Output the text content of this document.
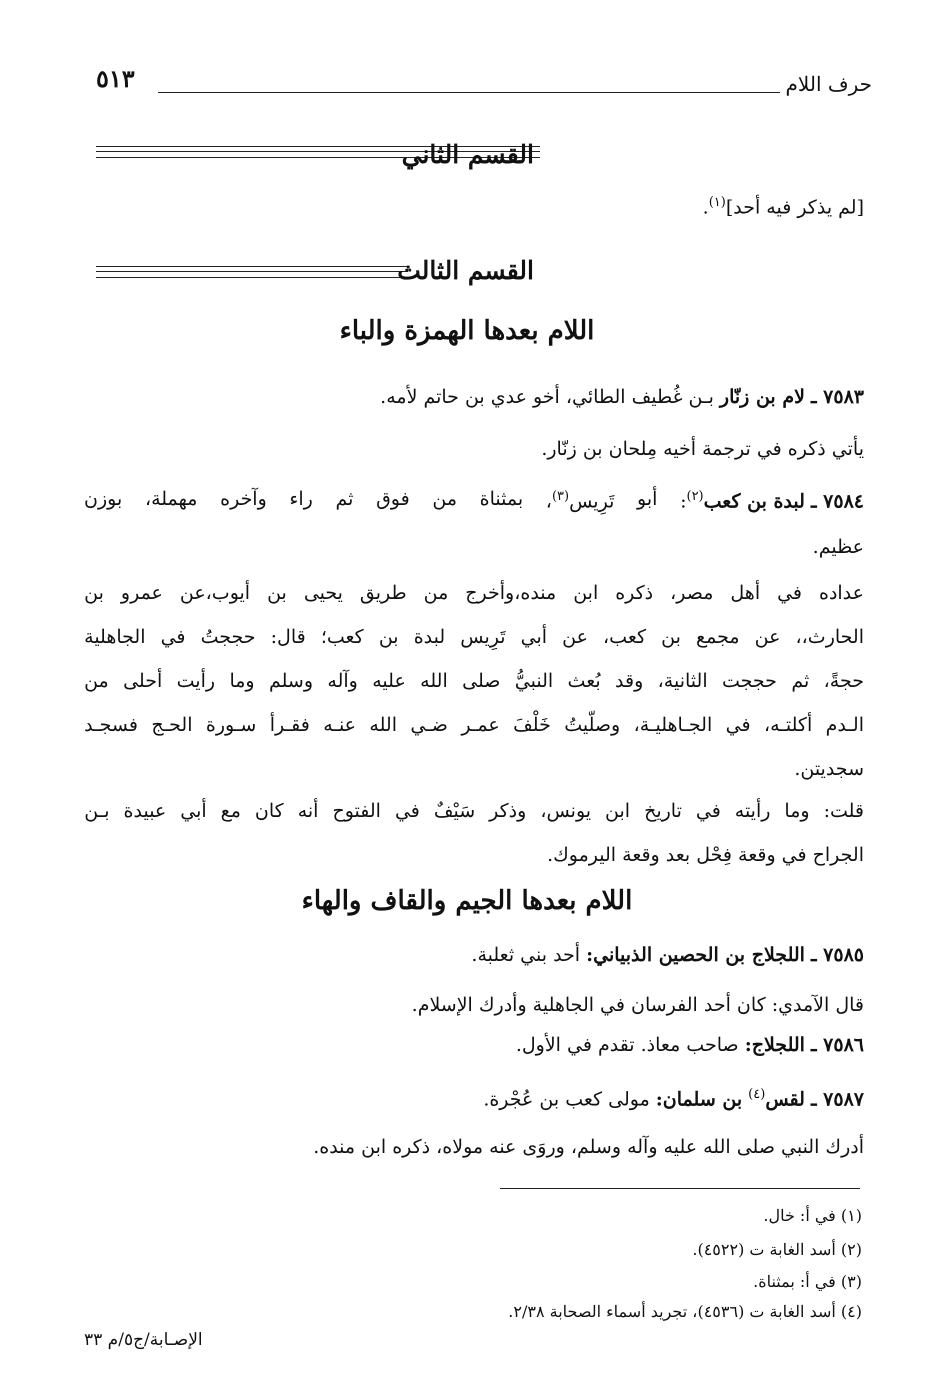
٥١٣	حرف اللام
القسم الثاني
[لم يذكر فيه أحد]$^{(١)}$.
القسم الثالث
اللام بعدها الهمزة والباء
٧٥٨٣ ـ لام بن زنّار بـن غُطيف الطائي، أخو عدي بن حاتم لأمه.
يأتي ذكره في ترجمة أخيه مِلحان بن زنّار.
٧٥٨٤ ـ لبدة بن كعب$^{(٢)}$:
أبو
تَرِيس$^{(٣)}$،
بمثناة
من
فوق
ثم
راء
وآخره
مهملة،
بوزن
عظيم.
عداده
في
أهل
مصر،
ذكره
ابن
منده،وأخرج
من
طريق
يحيى
بن
أيوب،عن
عمرو
بن
الحارث،،
عن
مجمع
بن
كعب،
عن
أبي
تَرِيس
لبدة
بن
كعب؛
قال:
حججتُ
في
الجاهلية
حجةً،
ثم
حججت
الثانية،
وقد
بُعث
النبيُّ
صلى
الله
عليه
وآله
وسلم
وما
رأيت
أحلى
من
الـدم
أكلتـه،
في
الجـاهليـة،
وصلّيتُ
خَلْفَ
عمـر
ضـي
الله
عنـه
فقـرأ
سـورة
الحـج
فسجـد
سجديتن.
قلت:
وما
رأيته
في
تاريخ
ابن
يونس،
وذكر
سَيْفٌ
في
الفتوح
أنه
كان
مع
أبي
عبيدة
بـن
الجراح في وقعة فِحْل بعد وقعة اليرموك.
اللام بعدها الجيم والقاف والهاء
٧٥٨٥ ـ اللجلاج بن الحصين الذبياني: أحد بني ثعلبة.
قال الآمدي: كان أحد الفرسان في الجاهلية وأدرك الإسلام.
٧٥٨٦ ـ اللجلاج: صاحب معاذ. تقدم في الأول.
٧٥٨٧ ـ لقس$^{(٤)}$ بن سلمان: مولى كعب بن عُجْرة.
أدرك النبي صلى الله عليه وآله وسلم، وروَى عنه مولاه، ذكره ابن منده.
(١) في أ: خال.
(٢) أسد الغابة ت (٤٥٢٢).
(٣) في أ: بمثناة.
(٤) أسد الغابة ت (٤٥٣٦)، تجريد أسماء الصحابة ٢/٣٨.
الإصـابة/ج٥/م ٣٣
